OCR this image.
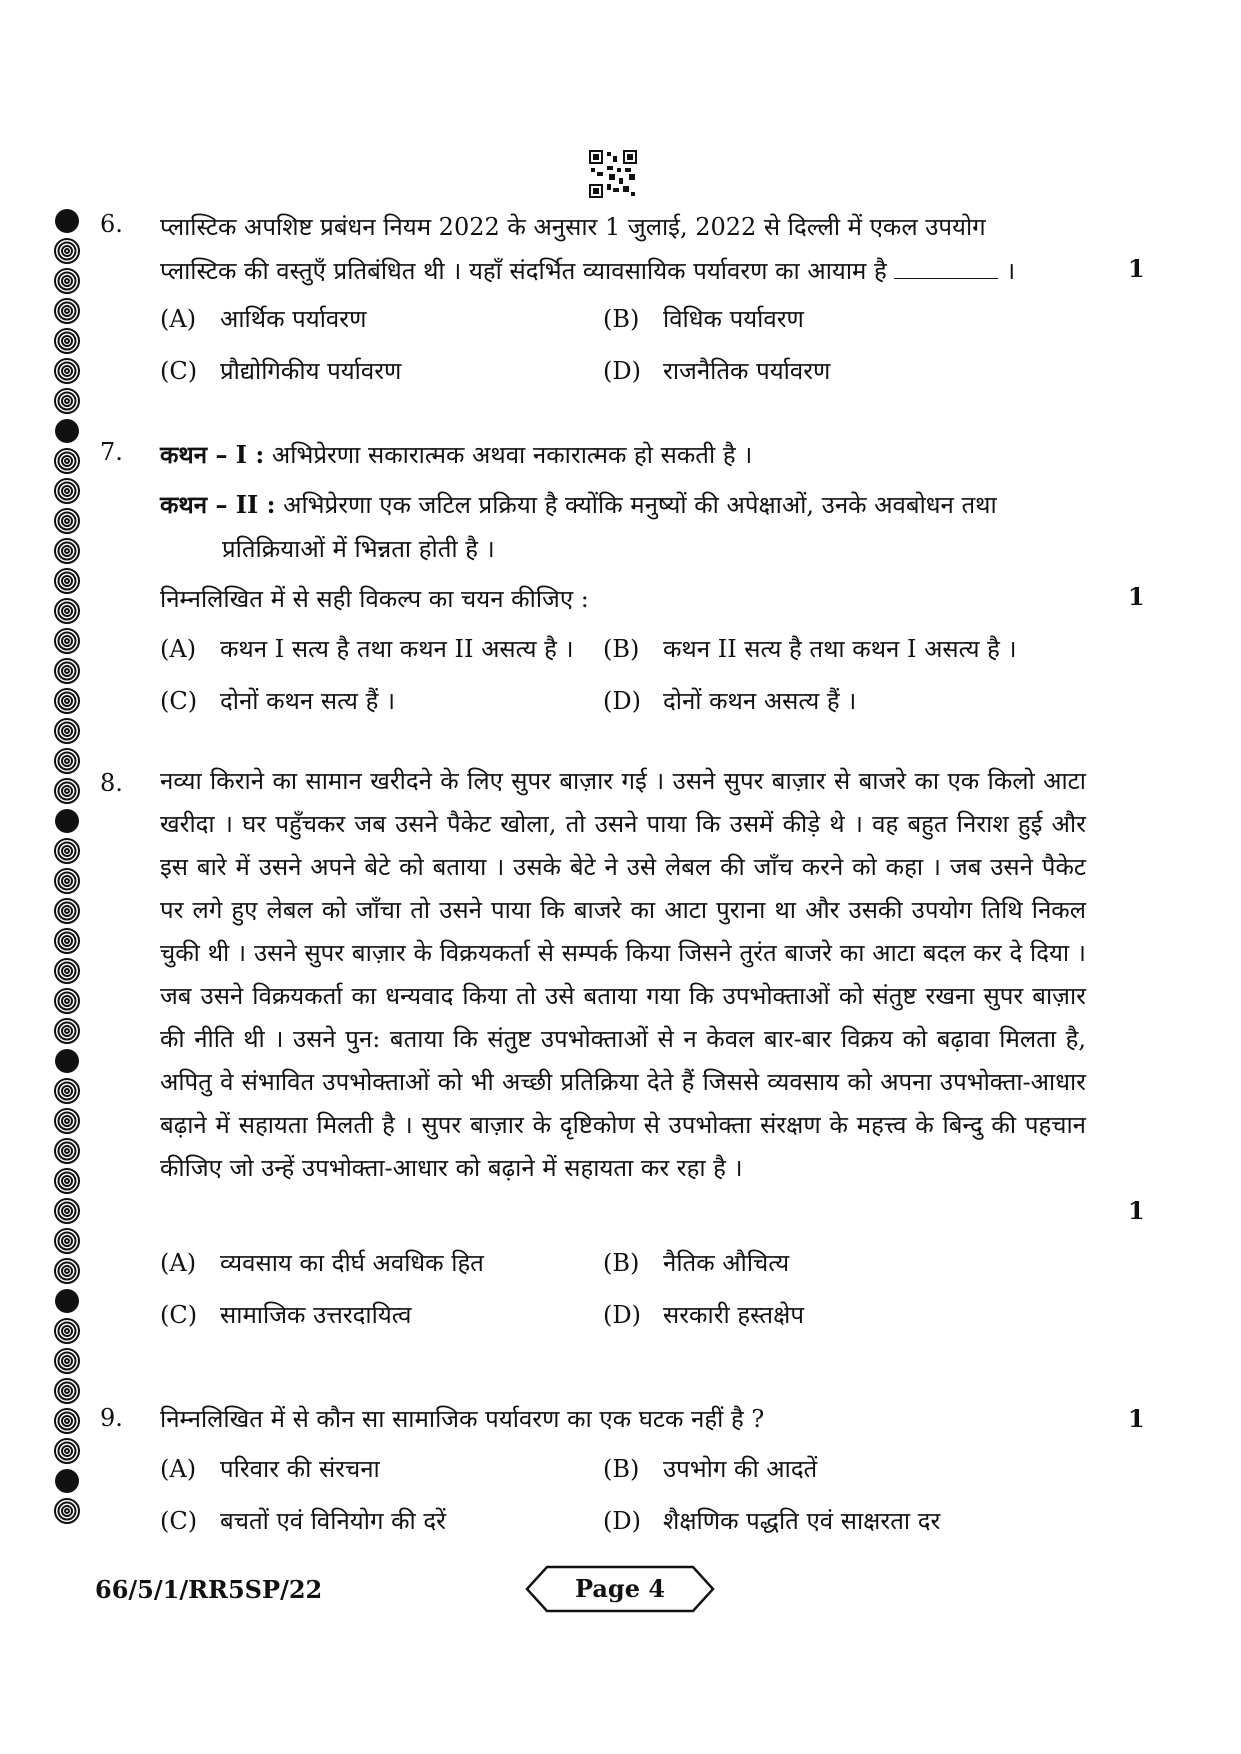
6. प्लास्टिक अपशिष्ट प्रबंधन नियम 2022 के अनुसार 1 जुलाई, 2022 से दिल्ली में एकल उपयोग
प्लास्टिक की वस्तुएँ प्रतिबंधित थी । यहाँ संदर्भित व्यावसायिक पर्यावरण का आयाम है	।	1
(A) आर्थिक पर्यावरण	(B) विधिक पर्यावरण
(C) प्रौद्योगिकीय पर्यावरण	(D) राजनैतिक पर्यावरण
7. कथन – I : अभिप्रेरणा सकारात्मक अथवा नकारात्मक हो सकती है ।
कथन – II : अभिप्रेरणा एक जटिल प्रक्रिया है क्योंकि मनुष्यों की अपेक्षाओं, उनके अवबोधन तथा
प्रतिक्रियाओं में भिन्नता होती है ।
निम्नलिखित में से सही विकल्प का चयन कीजिए :	1
(A) कथन I सत्य है तथा कथन II असत्य है । (B) कथन II सत्य है तथा कथन I असत्य है ।
(C) दोनों कथन सत्य हैं ।	(D) दोनों कथन असत्य हैं ।
8. नव्या किराने का सामान खरीदने के लिए सुपर बाज़ार गई । उसने सुपर बाज़ार से बाजरे का एक किलो आटा खरीदा । घर पहुँचकर जब उसने पैकेट खोला, तो उसने पाया कि उसमें कीड़े थे । वह बहुत निराश हुई और इस बारे में उसने अपने बेटे को बताया । उसके बेटे ने उसे लेबल की जाँच करने को कहा । जब उसने पैकेट पर लगे हुए लेबल को जाँचा तो उसने पाया कि बाजरे का आटा पुराना था और उसकी उपयोग तिथि निकल चुकी थी । उसने सुपर बाज़ार के विक्रयकर्ता से सम्पर्क किया जिसने तुरंत बाजरे का आटा बदल कर दे दिया । जब उसने विक्रयकर्ता का धन्यवाद किया तो उसे बताया गया कि उपभोक्ताओं को संतुष्ट रखना सुपर बाज़ार की नीति थी । उसने पुन: बताया कि संतुष्ट उपभोक्ताओं से न केवल बार-बार विक्रय को बढ़ावा मिलता है, अपितु वे संभावित उपभोक्ताओं को भी अच्छी प्रतिक्रिया देते हैं जिससे व्यवसाय को अपना उपभोक्ता-आधार बढ़ाने में सहायता मिलती है । सुपर बाज़ार के दृष्टिकोण से उपभोक्ता संरक्षण के महत्त्व के बिन्दु की पहचान कीजिए जो उन्हें उपभोक्ता-आधार को बढ़ाने में सहायता कर रहा है ।
1
(A) व्यवसाय का दीर्घ अवधिक हित	(B) नैतिक औचित्य
(C) सामाजिक उत्तरदायित्व	(D) सरकारी हस्तक्षेप
9. निम्नलिखित में से कौन सा सामाजिक पर्यावरण का एक घटक नहीं है ?	1
(A) परिवार की संरचना	(B) उपभोग की आदतें
(C) बचतों एवं विनियोग की दरें	(D) शैक्षणिक पद्धति एवं साक्षरता दर
66/5/1/RR5SP/22	Page 4
